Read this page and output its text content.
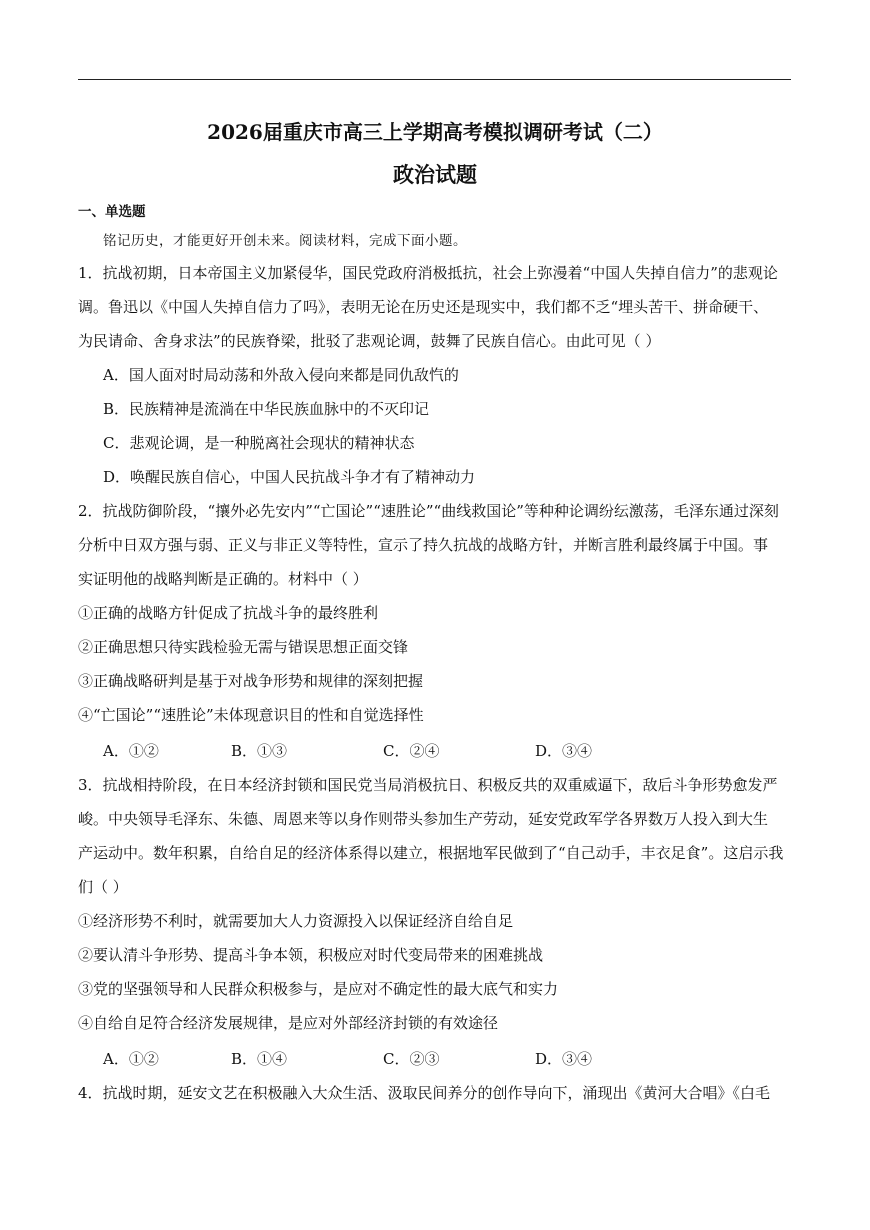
2026届重庆市高三上学期高考模拟调研考试（二）
政治试题
一、单选题
铭记历史，才能更好开创未来。阅读材料，完成下面小题。
1．抗战初期，日本帝国主义加紧侵华，国民党政府消极抵抗，社会上弥漫着“中国人失掉自信力”的悲观论
调。鲁迅以《中国人失掉自信力了吗》，表明无论在历史还是现实中，我们都不乏“埋头苦干、拼命硬干、
为民请命、舍身求法”的民族脊梁，批驳了悲观论调，鼓舞了民族自信心。由此可见（ ）
A．国人面对时局动荡和外敌入侵向来都是同仇敌忾的
B．民族精神是流淌在中华民族血脉中的不灭印记
C．悲观论调，是一种脱离社会现状的精神状态
D．唤醒民族自信心，中国人民抗战斗争才有了精神动力
2．抗战防御阶段，“攘外必先安内”“亡国论”“速胜论”“曲线救国论”等种种论调纷纭激荡，毛泽东通过深刻
分析中日双方强与弱、正义与非正义等特性，宣示了持久抗战的战略方针，并断言胜利最终属于中国。事
实证明他的战略判断是正确的。材料中（ ）
①正确的战略方针促成了抗战斗争的最终胜利
②正确思想只待实践检验无需与错误思想正面交锋
③正确战略研判是基于对战争形势和规律的深刻把握
④“亡国论”“速胜论”未体现意识目的性和自觉选择性
A．①②	B．①③	C．②④	D．③④
3．抗战相持阶段，在日本经济封锁和国民党当局消极抗日、积极反共的双重威逼下，敌后斗争形势愈发严
峻。中央领导毛泽东、朱德、周恩来等以身作则带头参加生产劳动，延安党政军学各界数万人投入到大生
产运动中。数年积累，自给自足的经济体系得以建立，根据地军民做到了“自己动手，丰衣足食”。这启示我
们（ ）
①经济形势不利时，就需要加大人力资源投入以保证经济自给自足
②要认清斗争形势、提高斗争本领，积极应对时代变局带来的困难挑战
③党的坚强领导和人民群众积极参与，是应对不确定性的最大底气和实力
④自给自足符合经济发展规律，是应对外部经济封锁的有效途径
A．①②	B．①④	C．②③	D．③④
4．抗战时期，延安文艺在积极融入大众生活、汲取民间养分的创作导向下，涌现出《黄河大合唱》《白毛
